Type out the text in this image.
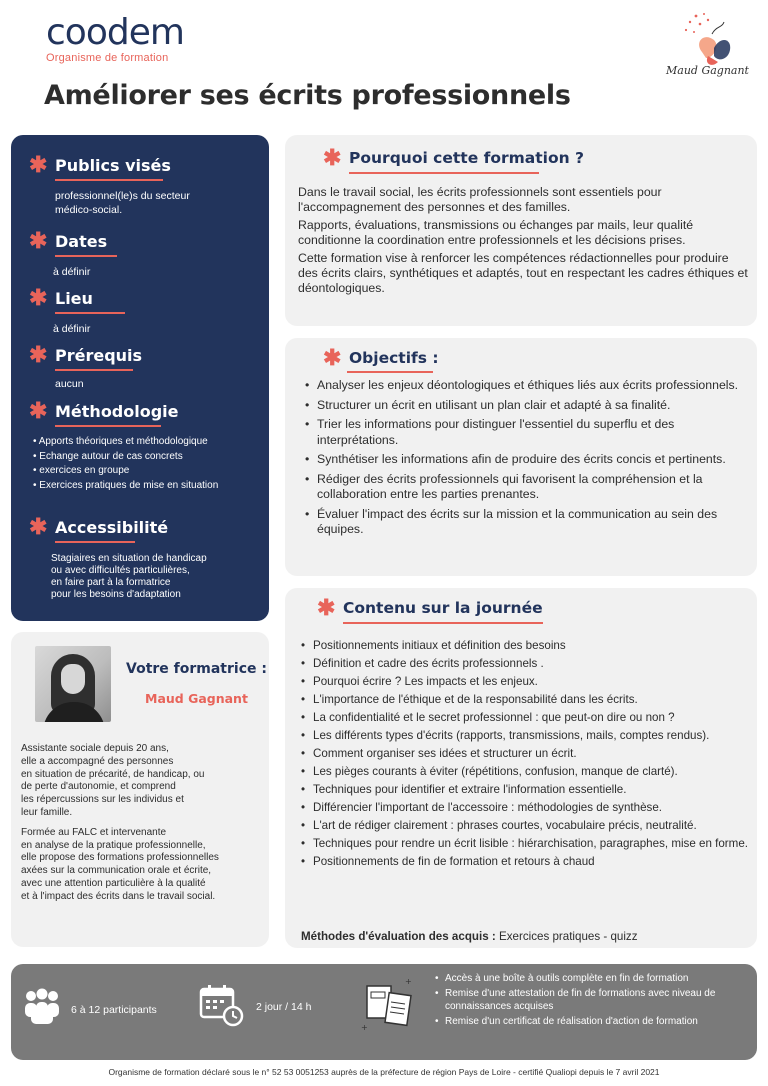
coodem
Organisme de formation
Maud Gagnant
Améliorer ses écrits professionnels
✱ Publics visés
professionnel(le)s du secteur médico-social.
✱ Dates
à définir
✱ Lieu
à définir
✱ Prérequis
aucun
✱ Méthodologie
• Apports théoriques et méthodologique
• Echange autour de cas concrets
• exercices en groupe
• Exercices pratiques de mise en situation
✱ Accessibilité
Stagiaires en situation de handicap
ou avec difficultés particulières,
en faire part à la formatrice
pour les besoins d'adaptation
✱ Pourquoi cette formation ?

Dans le travail social, les écrits professionnels sont essentiels pour l'accompagnement des personnes et des familles.

Rapports, évaluations, transmissions ou échanges par mails, leur qualité conditionne la coordination entre professionnels et les décisions prises.

Cette formation vise à renforcer les compétences rédactionnelles pour produire des écrits clairs, synthétiques et adaptés, tout en respectant les cadres éthiques et déontologiques.

✱ Objectifs :
• Analyser les enjeux déontologiques et éthiques liés aux écrits professionnels.
• Structurer un écrit en utilisant un plan clair et adapté à sa finalité.
• Trier les informations pour distinguer l'essentiel du superflu et des interprétations.
• Synthétiser les informations afin de produire des écrits concis et pertinents.
• Rédiger des écrits professionnels qui favorisent la compréhension et la collaboration entre les parties prenantes.
• Évaluer l'impact des écrits sur la mission et la communication au sein des équipes.
✱ Contenu sur la journée
• Positionnements initiaux et définition des besoins
• Définition et cadre des écrits professionnels .
• Pourquoi écrire ? Les impacts et les enjeux.
• L'importance de l'éthique et de la responsabilité dans les écrits.
• La confidentialité et le secret professionnel : que peut-on dire ou non ?
• Les différents types d'écrits (rapports, transmissions, mails, comptes rendus).
• Comment organiser ses idées et structurer un écrit.
• Les pièges courants à éviter (répétitions, confusion, manque de clarté).
• Techniques pour identifier et extraire l'information essentielle.
• Différencier l'important de l'accessoire : méthodologies de synthèse.
• L'art de rédiger clairement : phrases courtes, vocabulaire précis, neutralité.
• Techniques pour rendre un écrit lisible : hiérarchisation, paragraphes, mise en forme.
• Positionnements de fin de formation et retours à chaud
Méthodes d'évaluation des acquis : Exercices pratiques - quizz
Votre formatrice :
Maud Gagnant

Assistante sociale depuis 20 ans,
elle a accompagné des personnes
en situation de précarité, de handicap, ou
de perte d'autonomie, et comprend
les répercussions sur les individus et
leur famille.

Formée au FALC et intervenante
en analyse de la pratique professionnelle,
elle propose des formations professionnelles
axées sur la communication orale et écrite,
avec une attention particulière à la qualité
et à l'impact des écrits dans le travail social.

6 à 12 participants	2 jour / 14 h
+
+
• Accès à une boîte à outils complète en fin de formation
• Remise d'une attestation de fin de formations avec niveau de connaissances acquises
• Remise d'un certificat de réalisation d'action de formation
Organisme de formation déclaré sous le n° 52 53 0051253 auprès de la préfecture de région Pays de Loire - certifié Qualiopi depuis le 7 avril 2021
